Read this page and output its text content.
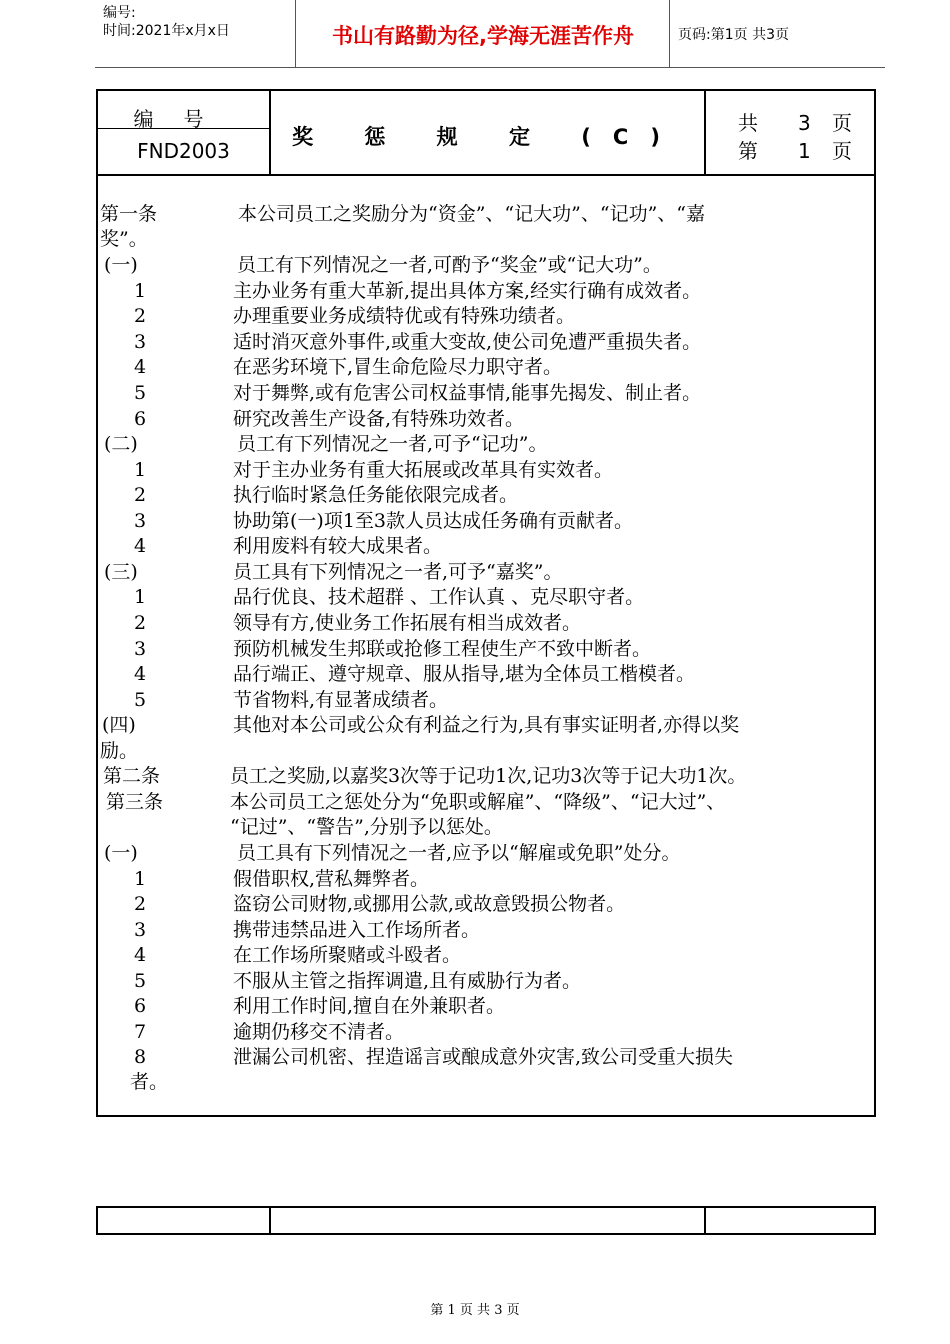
编号:
时间:2021年x月x日	书山有路勤为径,学海无涯苦作舟	页码:第1页 共3页
编号
FND2003
奖 惩 规 定 (C)
共 3 页
第 1 页
第一条	本公司员工之奖励分为“资金”、“记大功”、“记功”、“嘉
奖”。
(一)	员工有下列情况之一者,可酌予“奖金”或“记大功”。
1	主办业务有重大革新,提出具体方案,经实行确有成效者。
2	办理重要业务成绩特优或有特殊功绩者。
3	适时消灭意外事件,或重大变故,使公司免遭严重损失者。
4	在恶劣环境下,冒生命危险尽力职守者。
5	对于舞弊,或有危害公司权益事情,能事先揭发、制止者。
6	研究改善生产设备,有特殊功效者。
(二)	员工有下列情况之一者,可予“记功”。
1	对于主办业务有重大拓展或改革具有实效者。
2	执行临时紧急任务能依限完成者。
3	协助第(一)项1至3款人员达成任务确有贡献者。
4	利用废料有较大成果者。
(三)	员工具有下列情况之一者,可予“嘉奖”。
1	品行优良、技术超群 、工作认真 、克尽职守者。
2	领导有方,使业务工作拓展有相当成效者。
3	预防机械发生邦联或抢修工程使生产不致中断者。
4	品行端正、遵守规章、服从指导,堪为全体员工楷模者。
5	节省物料,有显著成绩者。
(四)	其他对本公司或公众有利益之行为,具有事实证明者,亦得以奖
励。
第二条	员工之奖励,以嘉奖3次等于记功1次,记功3次等于记大功1次。
第三条	本公司员工之惩处分为“免职或解雇”、“降级”、“记大过”、
“记过”、“警告”,分别予以惩处。
(一)	员工具有下列情况之一者,应予以“解雇或免职”处分。
1	假借职权,营私舞弊者。
2	盗窃公司财物,或挪用公款,或故意毁损公物者。
3	携带违禁品进入工作场所者。
4	在工作场所聚赌或斗殴者。
5	不服从主管之指挥调遣,且有威胁行为者。
6	利用工作时间,擅自在外兼职者。
7	逾期仍移交不清者。
8	泄漏公司机密、捏造谣言或酿成意外灾害,致公司受重大损失
者。
第 1 页 共 3 页
